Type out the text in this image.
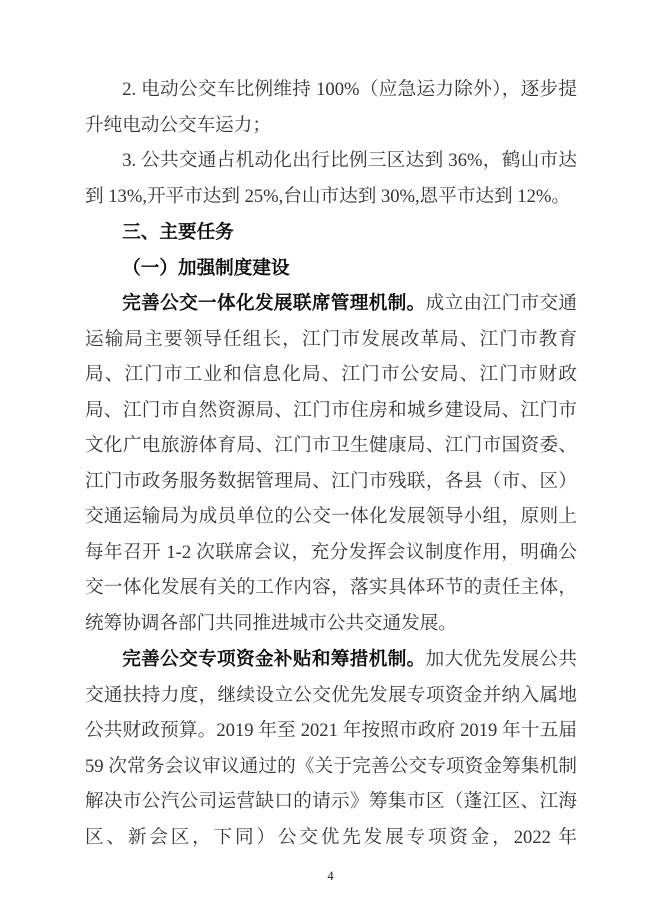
2. 电动公交车比例维持 100%（应急运力除外），逐步提升纯电动公交车运力；

3. 公共交通占机动化出行比例三区达到 36%，鹤山市达到 13%,开平市达到 25%,台山市达到 30%,恩平市达到 12%。

三、主要任务

（一）加强制度建设

完善公交一体化发展联席管理机制。成立由江门市交通运输局主要领导任组长，江门市发展改革局、江门市教育局、江门市工业和信息化局、江门市公安局、江门市财政局、江门市自然资源局、江门市住房和城乡建设局、江门市文化广电旅游体育局、江门市卫生健康局、江门市国资委、江门市政务服务数据管理局、江门市残联，各县（市、区）交通运输局为成员单位的公交一体化发展领导小组，原则上每年召开 1-2 次联席会议，充分发挥会议制度作用，明确公交一体化发展有关的工作内容，落实具体环节的责任主体，统筹协调各部门共同推进城市公共交通发展。

完善公交专项资金补贴和筹措机制。加大优先发展公共交通扶持力度，继续设立公交优先发展专项资金并纳入属地公共财政预算。2019 年至 2021 年按照市政府 2019 年十五届 59 次常务会议审议通过的《关于完善公交专项资金筹集机制解决市公汽公司运营缺口的请示》筹集市区（蓬江区、江海区、新会区，下同）公交优先发展专项资金，2022 年

4
